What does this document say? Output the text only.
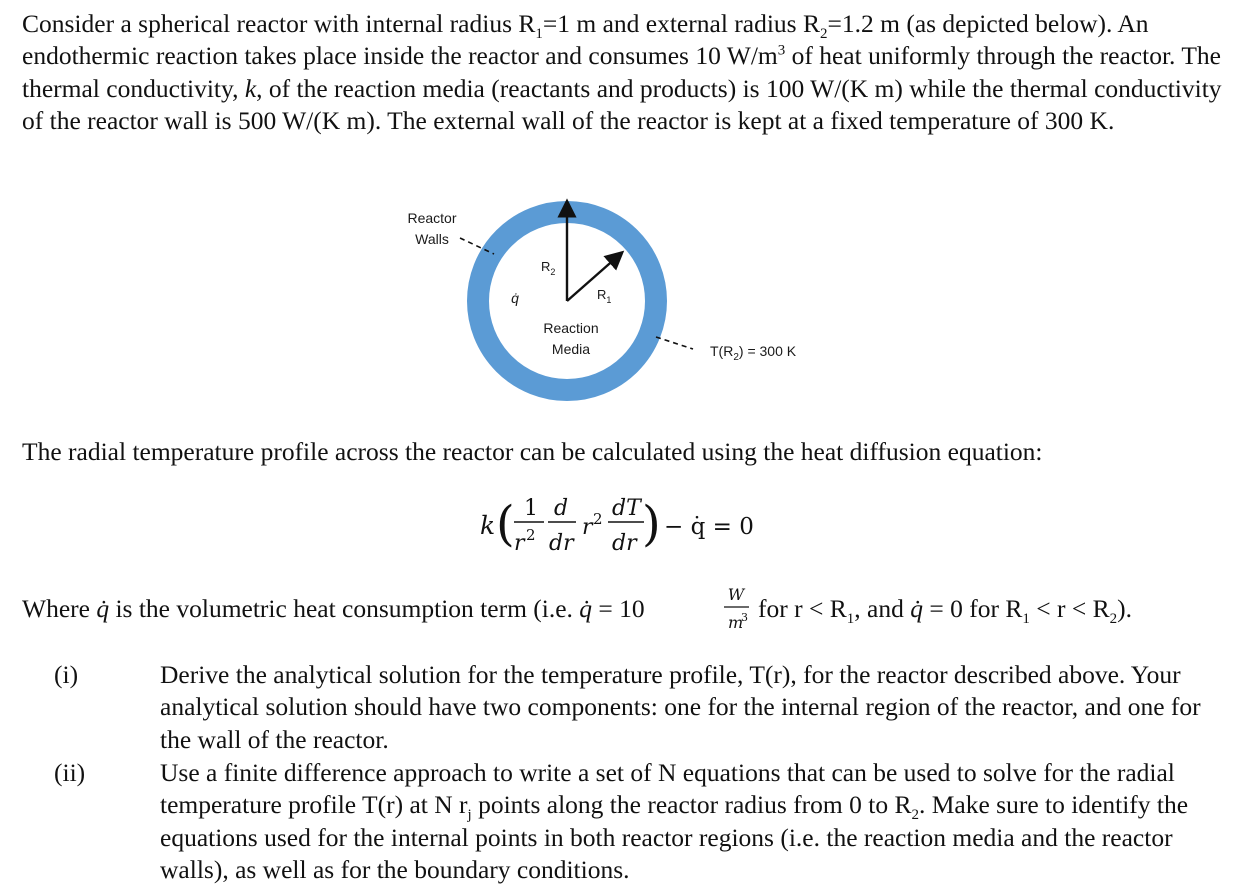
Consider a spherical reactor with internal radius $R_1=1$ m and external radius $R_2=1.2$ m (as depicted below). An endothermic reaction takes place inside the reactor and consumes 10 $W/m^3$ of heat uniformly through the reactor. The thermal conductivity, k, of the reaction media (reactants and products) is 100 W/(K m) while the thermal conductivity of the reactor wall is 500 W/(K m). The external wall of the reactor is kept at a fixed temperature of 300 K.
Reactor
Walls
$R_2$
$R_1$
q̇
Reaction
Media	$T(R_2) = 300$ K
The radial temperature profile across the reactor can be calculated using the heat diffusion equation:
k ( 1
r 2
d
dr
r 2 dT
dr ) − q̇ = 0
Where q̇ is the volumetric heat consumption term (i.e. q̇ = 10	W
m
3 for $r < R_1$, and q̇ = 0 for $R_1 < r < R_2$).
(i)	Derive the analytical solution for the temperature profile, T(r), for the reactor described above. Your analytical solution should have two components: one for the internal region of the reactor, and one for the wall of the reactor.
(ii)	Use a finite difference approach to write a set of N equations that can be used to solve for the radial temperature profile T(r) at N $r_j$ points along the reactor radius from 0 to $R_2$. Make sure to identify the equations used for the internal points in both reactor regions (i.e. the reaction media and the reactor walls), as well as for the boundary conditions.
